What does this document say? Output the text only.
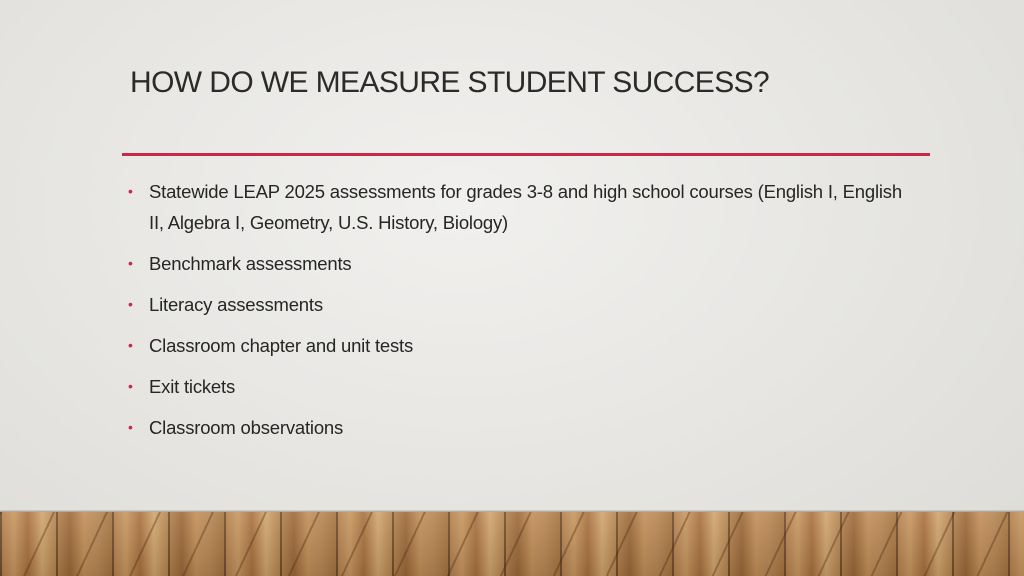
HOW DO WE MEASURE STUDENT SUCCESS?
• Statewide LEAP 2025 assessments for grades 3-8 and high school courses (English I, English II, Algebra I, Geometry, U.S. History, Biology)
• Benchmark assessments
• Literacy assessments
• Classroom chapter and unit tests
• Exit tickets
• Classroom observations
